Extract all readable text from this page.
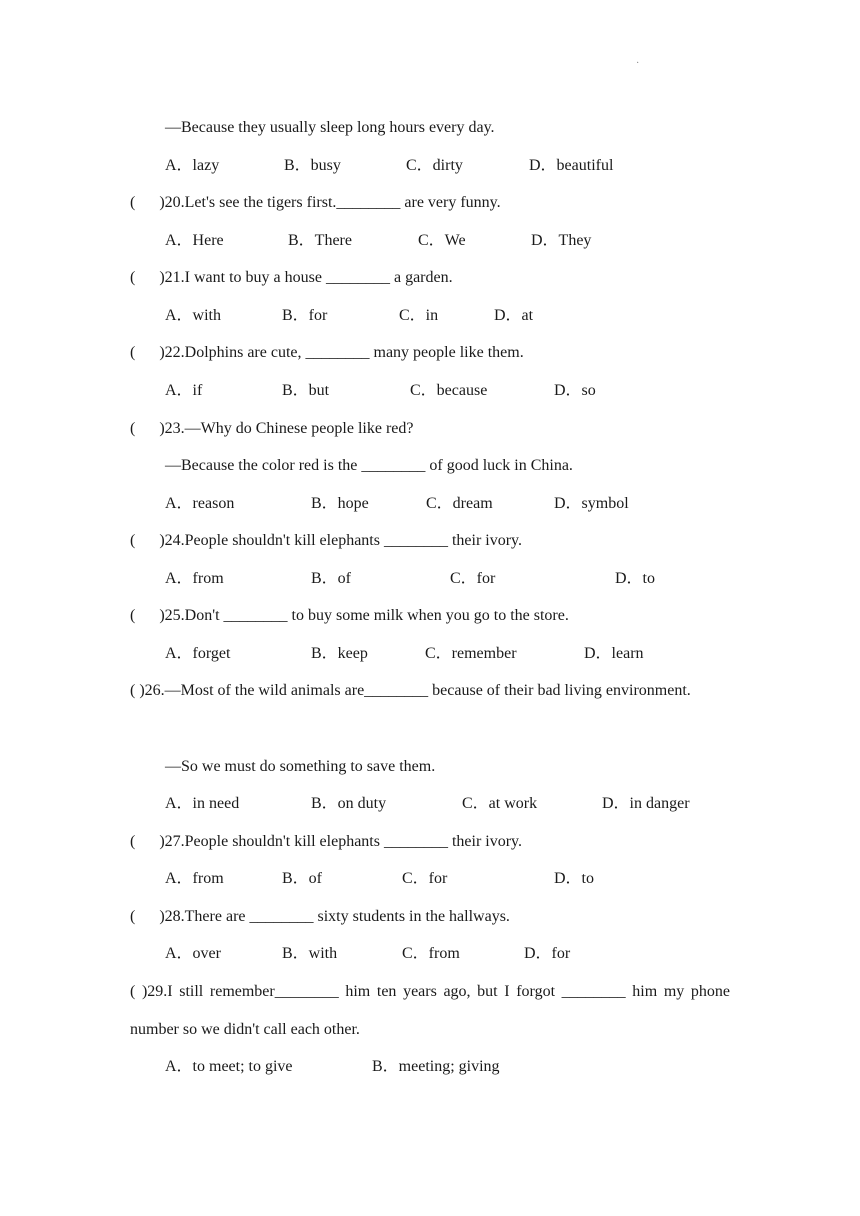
·
—Because they usually sleep long hours every day.

A．lazy

	B．busy

	C．dirty

	D．beautiful

(      )20.Let's see the tigers first.________ are very funny.

A．Here

	B．There

	C．We

	D．They

(      )21.I want to buy a house ________ a garden.

A．with

	B．for

	C．in

	D．at

(      )22.Dolphins are cute, ________ many people like them.

A．if

	B．but

	C．because

	D．so

(      )23.—Why do Chinese people like red?
—Because the color red is the ________ of good luck in China.

A．reason

	B．hope

	C．dream

	D．symbol

(      )24.People shouldn't kill elephants ________ their ivory.

A．from

	B．of

	C．for

	D．to

(      )25.Don't ________ to buy some milk when you go to the store.

A．forget

	B．keep

	C．remember

	D．learn

( )26.—Most of the wild animals are________ because of their bad living environment.
—So we must do something to save them.

A．in need

	B．on duty

	C．at work

	D．in danger

(      )27.People shouldn't kill elephants ________ their ivory.

A．from

	B．of

	C．for

	D．to

(      )28.There are ________ sixty students in the hallways.

A．over

	B．with

	C．from

	D．for

( )29.I still remember________ him ten years ago, but I forgot ________ him my phone number so we didn't call each other.

A．to meet; to give

	B．meeting; giving
